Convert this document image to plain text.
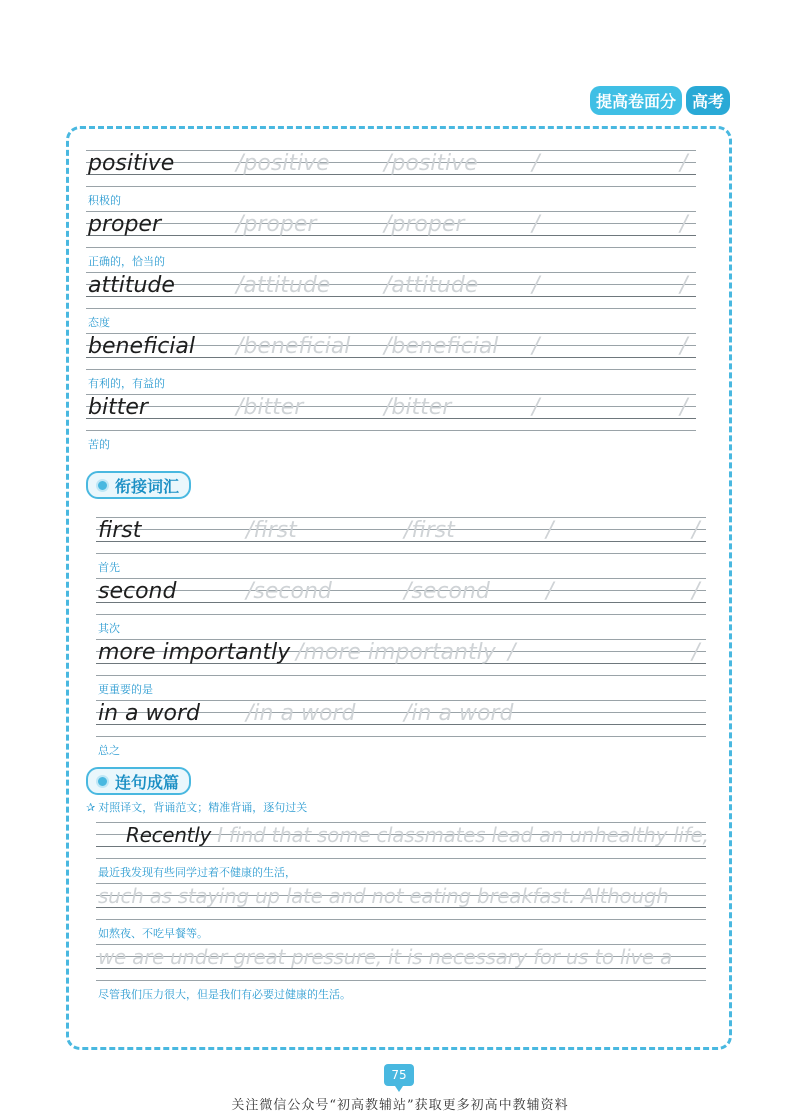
提高卷面分	高考
positive	/positive /positive /	/
积极的
proper	/proper	/proper	/	/
正确的，恰当的
attitude	/attitude /attitude /	/
态度
beneficial /beneficial /beneficial /	/
有利的，有益的
bitter	/bitter	/bitter	/	/
苦的
衔接词汇
first	/first	/first	/	/
首先
second	/second	/second	/	/
其次
more importantly /more importantly /	/
更重要的是
in a word /in a word /in a word
总之
连句成篇
✰ 对照译文，背诵范文；精准背诵，逐句过关
Recently I find that some classmates lead an unhealthy life,
最近我发现有些同学过着不健康的生活，
such as staying up late and not eating breakfast. Although
如熬夜、不吃早餐等。
we are under great pressure, it is necessary for us to live a
尽管我们压力很大，但是我们有必要过健康的生活。
75
关注微信公众号“初高教辅站”获取更多初高中教辅资料
